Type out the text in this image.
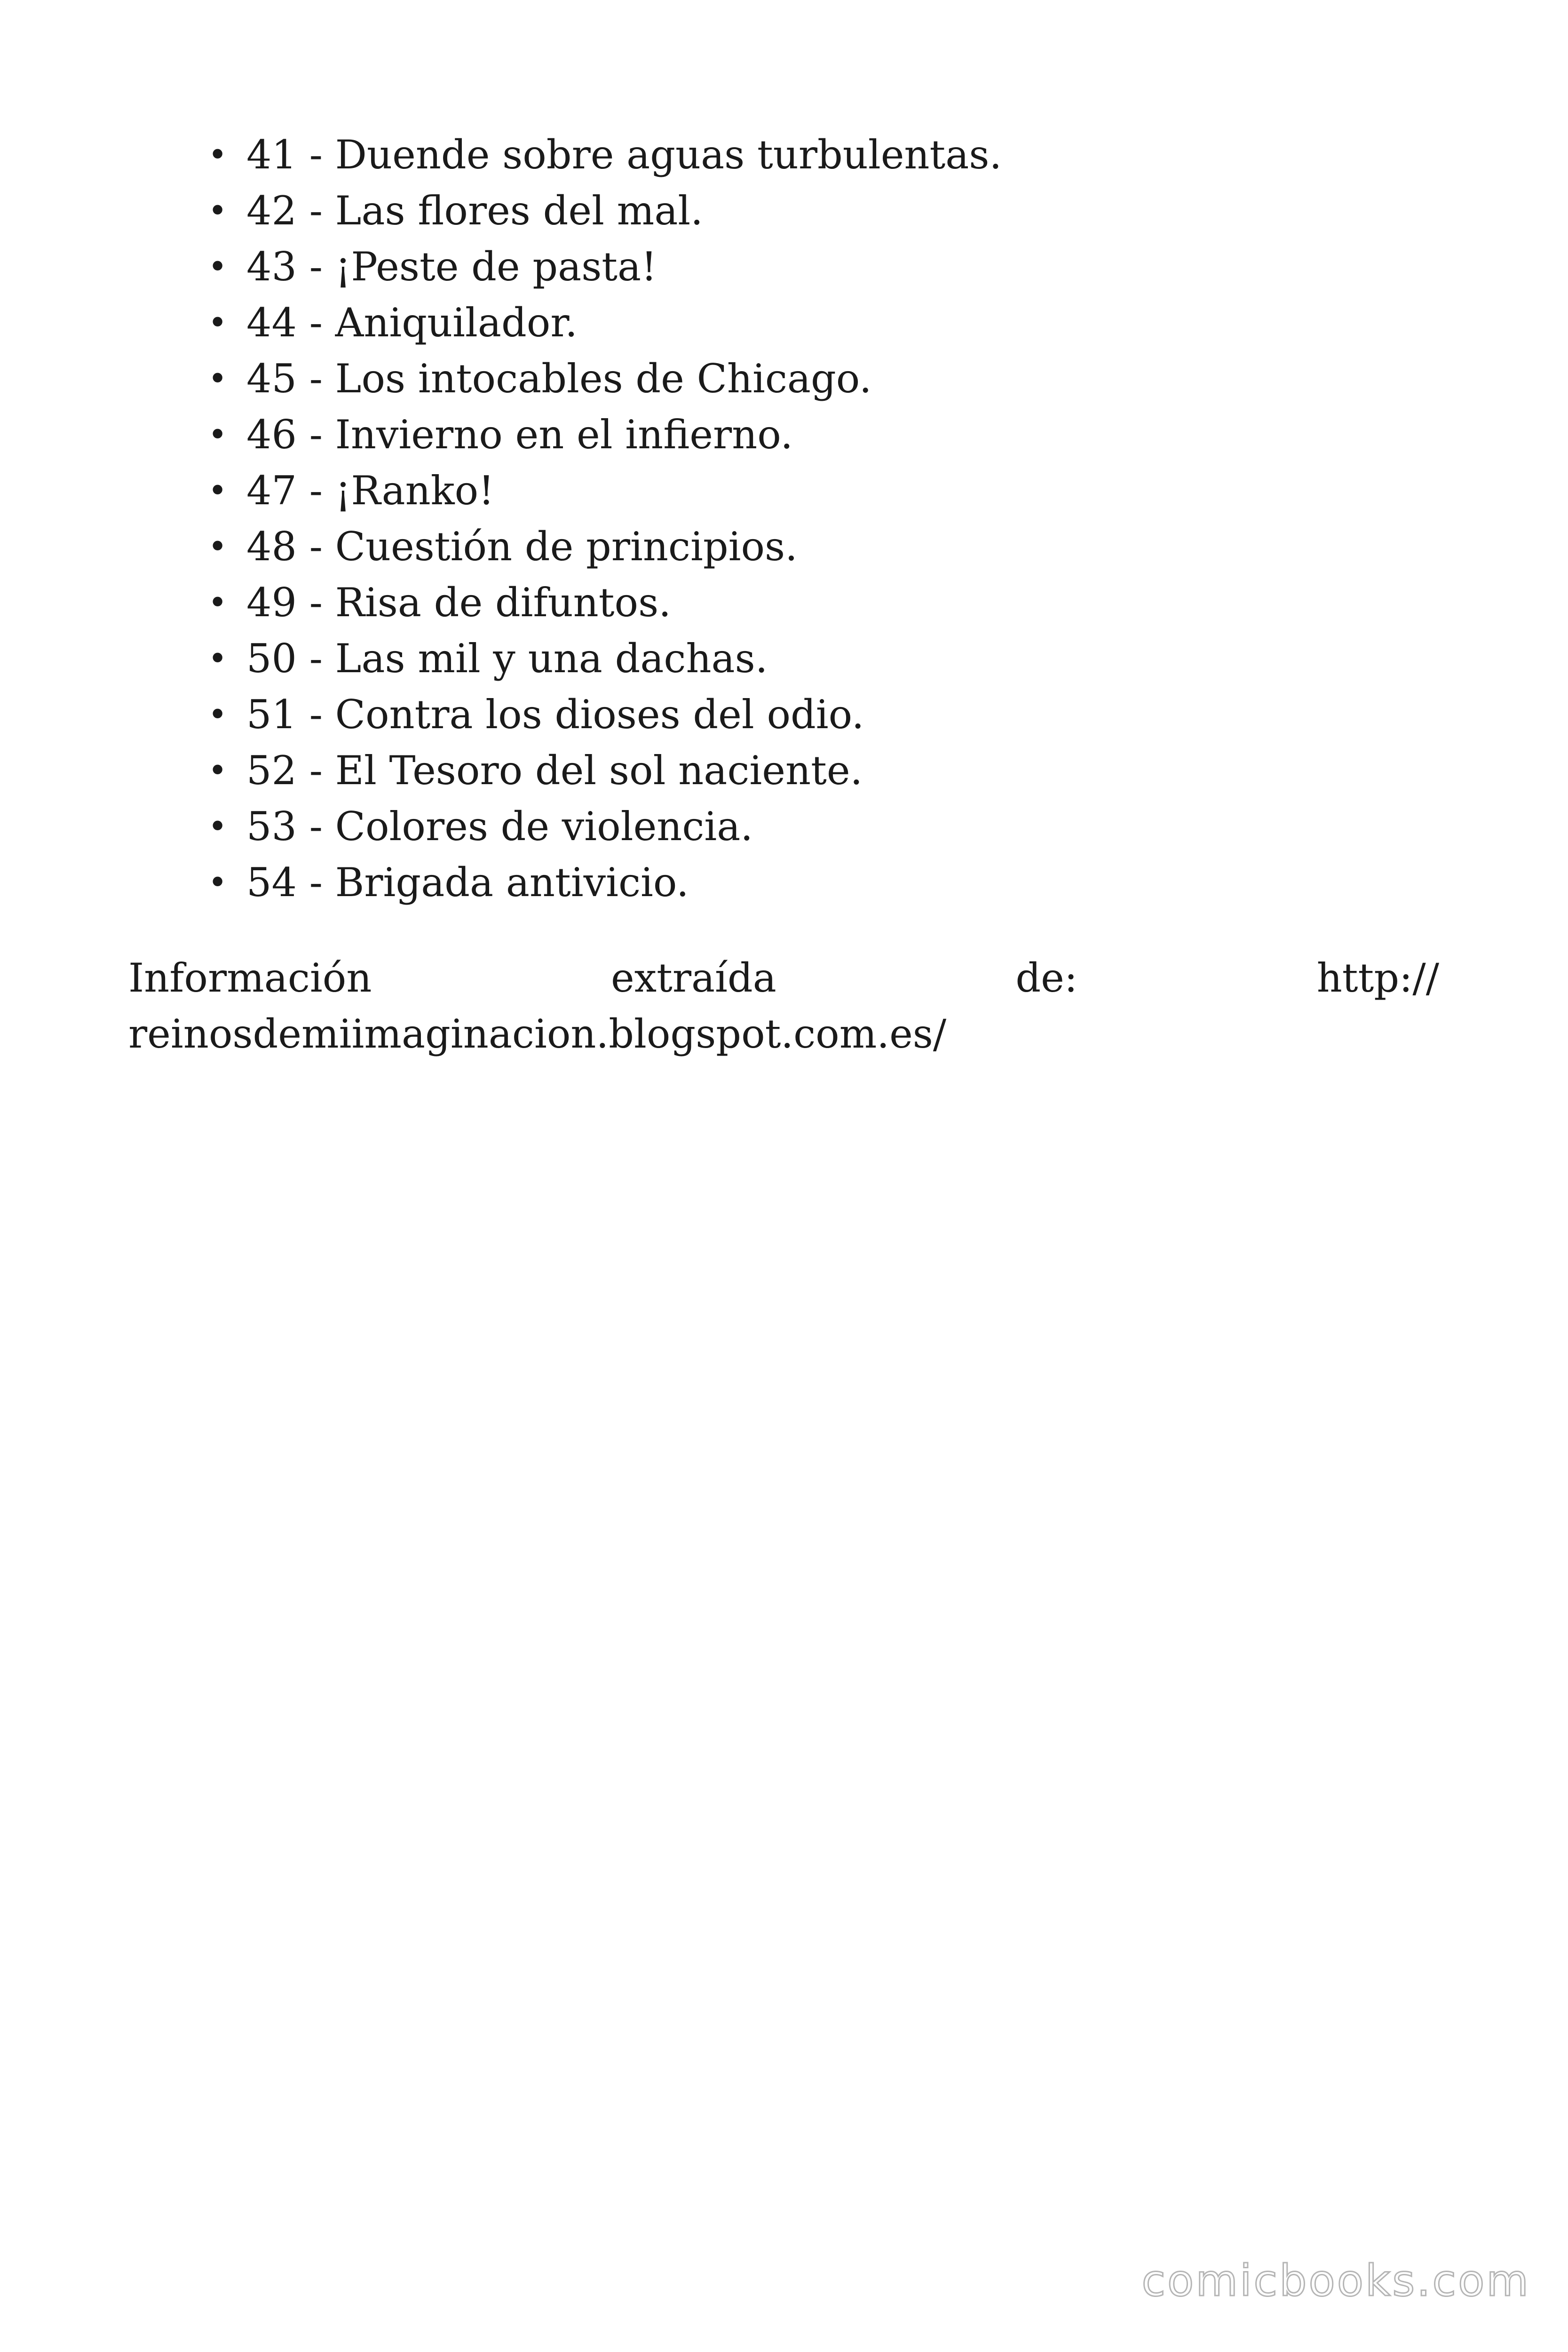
• 41 - Duende sobre aguas turbulentas.
• 42 - Las flores del mal.
• 43 - ¡Peste de pasta!
• 44 - Aniquilador.
• 45 - Los intocables de Chicago.
• 46 - Invierno en el infierno.
• 47 - ¡Ranko!
• 48 - Cuestión de principios.
• 49 - Risa de difuntos.
• 50 - Las mil y una dachas.
• 51 - Contra los dioses del odio.
• 52 - El Tesoro del sol naciente.
• 53 - Colores de violencia.
• 54 - Brigada antivicio.
Información	extraída	de:	http://
reinosdemiimaginacion.blogspot.com.es/
comicbooks.com
